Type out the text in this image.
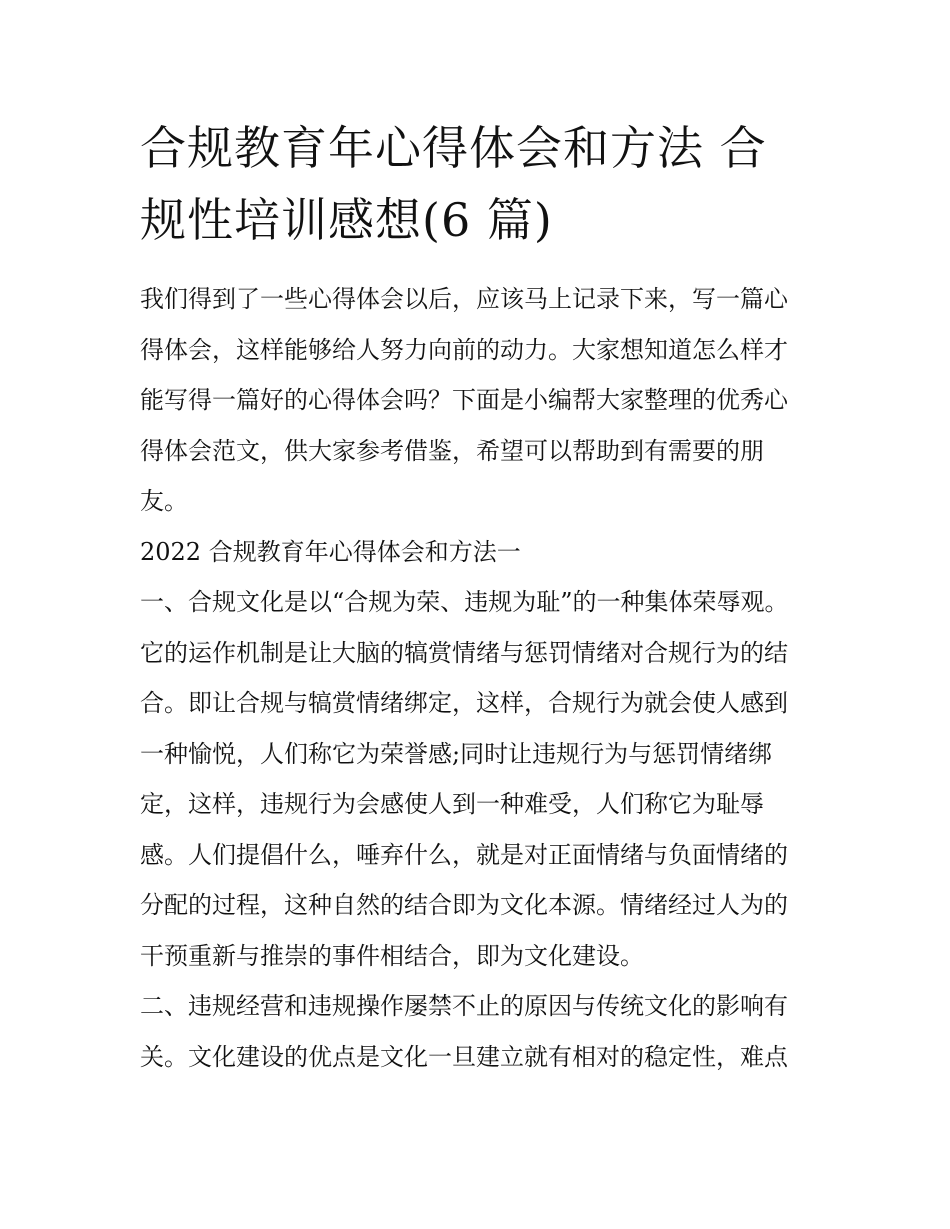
合规教育年心得体会和方法 合
规性培训感想(6 篇)
我们得到了一些心得体会以后，应该马上记录下来，写一篇心
得体会，这样能够给人努力向前的动力。大家想知道怎么样才
能写得一篇好的心得体会吗？下面是小编帮大家整理的优秀心
得体会范文，供大家参考借鉴，希望可以帮助到有需要的朋
友。
2022 合规教育年心得体会和方法一
一、合规文化是以“合规为荣、违规为耻”的一种集体荣辱观。
它的运作机制是让大脑的犒赏情绪与惩罚情绪对合规行为的结
合。即让合规与犒赏情绪绑定，这样，合规行为就会使人感到
一种愉悦，人们称它为荣誉感;同时让违规行为与惩罚情绪绑
定，这样，违规行为会感使人到一种难受，人们称它为耻辱
感。人们提倡什么，唾弃什么，就是对正面情绪与负面情绪的
分配的过程，这种自然的结合即为文化本源。情绪经过人为的
干预重新与推崇的事件相结合，即为文化建设。
二、违规经营和违规操作屡禁不止的原因与传统文化的影响有
关。文化建设的优点是文化一旦建立就有相对的稳定性，难点
